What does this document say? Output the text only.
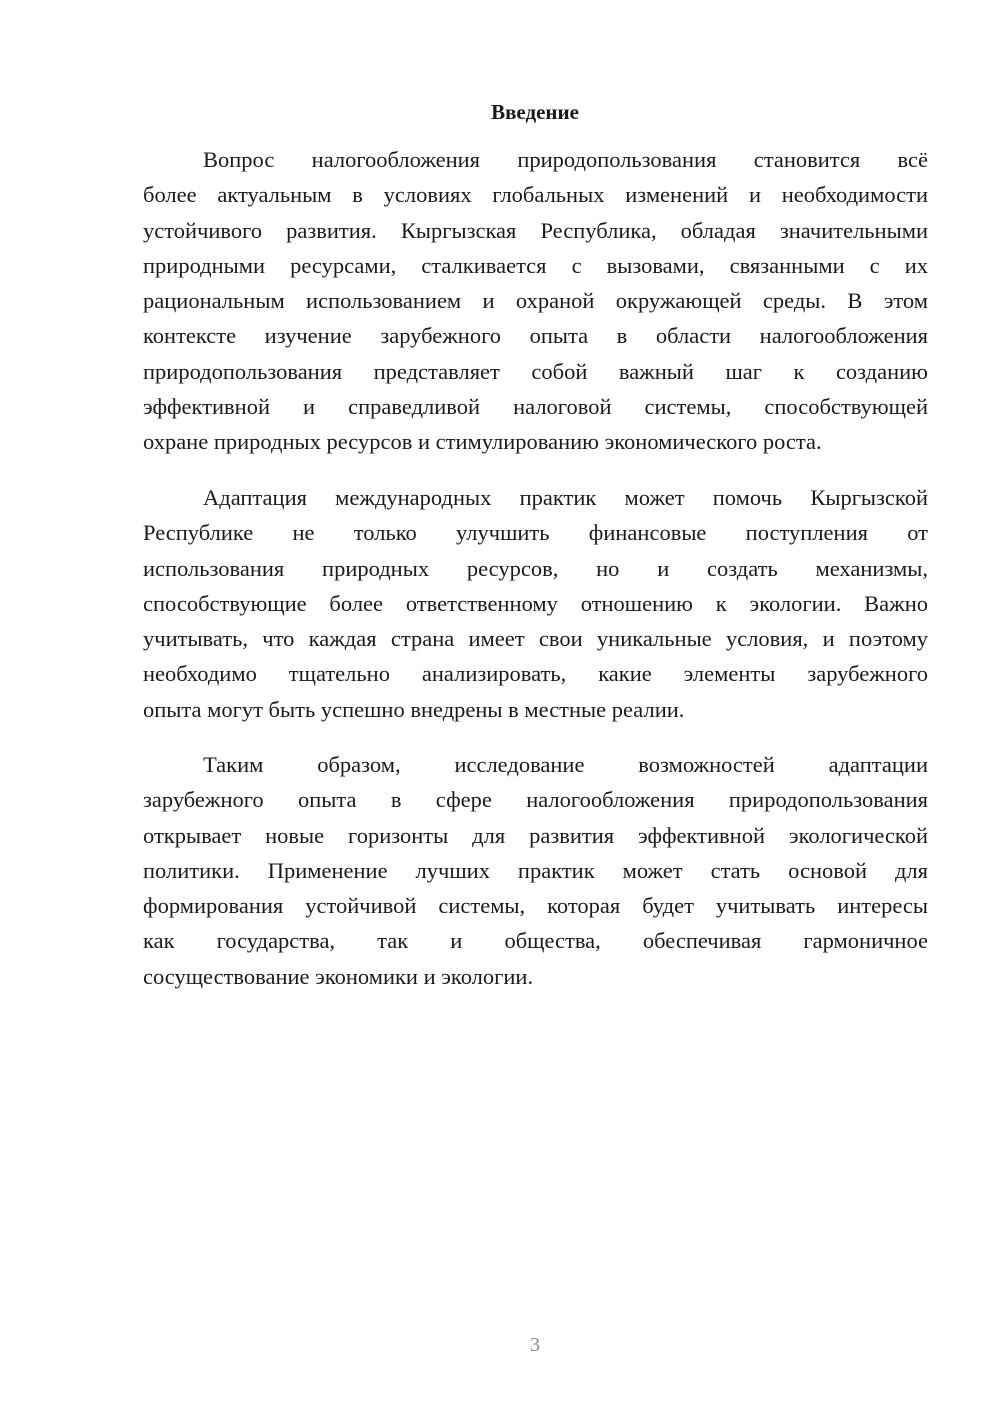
Введение
Вопрос налогообложения природопользования становится всё
более актуальным в условиях глобальных изменений и необходимости
устойчивого развития. Кыргызская Республика, обладая значительными
природными ресурсами, сталкивается с вызовами, связанными с их
рациональным использованием и охраной окружающей среды. В этом
контексте изучение зарубежного опыта в области налогообложения
природопользования представляет собой важный шаг к созданию
эффективной и справедливой налоговой системы, способствующей
охране природных ресурсов и стимулированию экономического роста.
Адаптация международных практик может помочь Кыргызской
Республике не только улучшить финансовые поступления от
использования природных ресурсов, но и создать механизмы,
способствующие более ответственному отношению к экологии. Важно
учитывать, что каждая страна имеет свои уникальные условия, и поэтому
необходимо тщательно анализировать, какие элементы зарубежного
опыта могут быть успешно внедрены в местные реалии.
Таким образом, исследование возможностей адаптации
зарубежного опыта в сфере налогообложения природопользования
открывает новые горизонты для развития эффективной экологической
политики. Применение лучших практик может стать основой для
формирования устойчивой системы, которая будет учитывать интересы
как государства, так и общества, обеспечивая гармоничное
сосуществование экономики и экологии.
3
